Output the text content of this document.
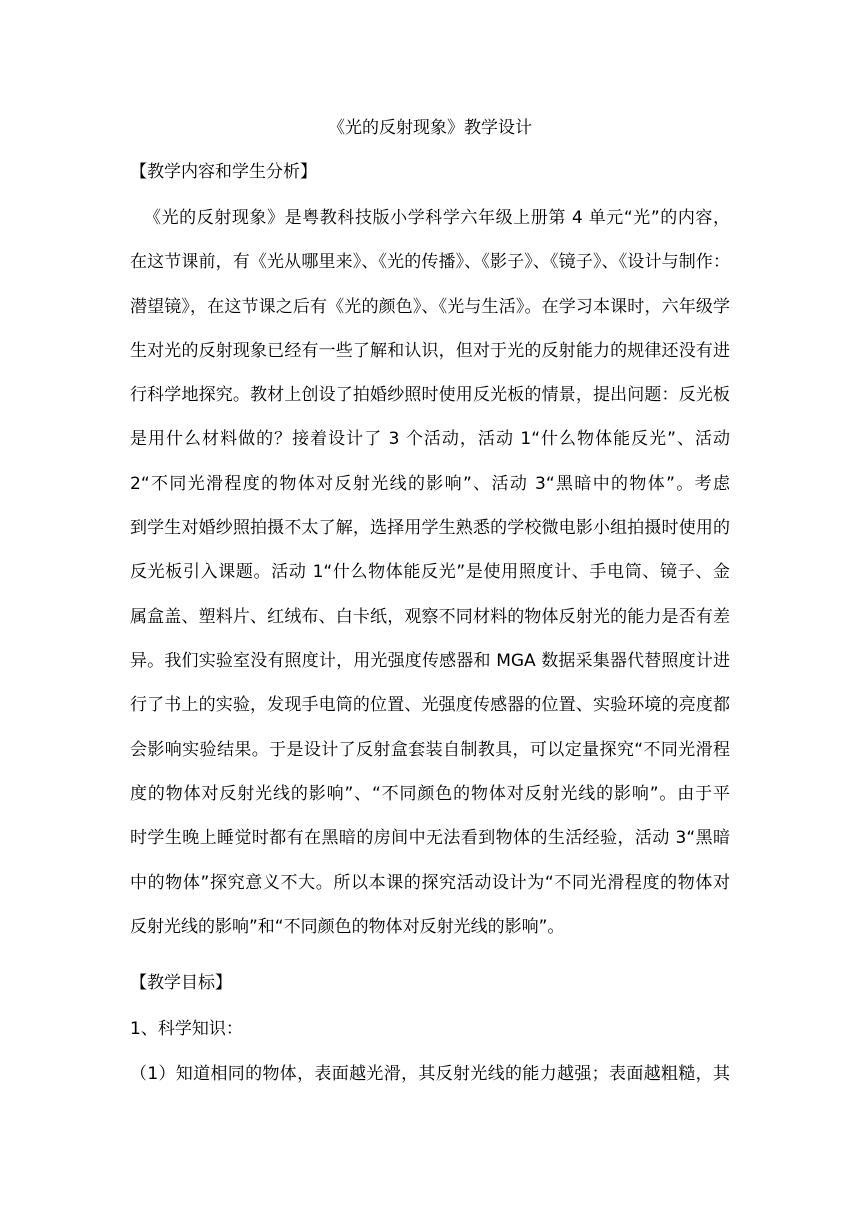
《光的反射现象》教学设计
【教学内容和学生分析】
《光的反射现象》是粤教科技版小学科学六年级上册第 4 单元“光”的内容，
在这节课前，有《光从哪里来》、《光的传播》、《影子》、《镜子》、《设计与制作：
潜望镜》，在这节课之后有《光的颜色》、《光与生活》。在学习本课时，六年级学
生对光的反射现象已经有一些了解和认识，但对于光的反射能力的规律还没有进
行科学地探究。教材上创设了拍婚纱照时使用反光板的情景，提出问题：反光板
是用什么材料做的？接着设计了 3 个活动，活动 1“什么物体能反光”、活动
2“不同光滑程度的物体对反射光线的影响”、活动 3“黑暗中的物体”。考虑
到学生对婚纱照拍摄不太了解，选择用学生熟悉的学校微电影小组拍摄时使用的
反光板引入课题。活动 1“什么物体能反光”是使用照度计、手电筒、镜子、金
属盒盖、塑料片、红绒布、白卡纸，观察不同材料的物体反射光的能力是否有差
异。我们实验室没有照度计，用光强度传感器和 MGA 数据采集器代替照度计进
行了书上的实验，发现手电筒的位置、光强度传感器的位置、实验环境的亮度都
会影响实验结果。于是设计了反射盒套装自制教具，可以定量探究“不同光滑程
度的物体对反射光线的影响”、“不同颜色的物体对反射光线的影响”。由于平
时学生晚上睡觉时都有在黑暗的房间中无法看到物体的生活经验，活动 3“黑暗
中的物体”探究意义不大。所以本课的探究活动设计为“不同光滑程度的物体对
反射光线的影响”和“不同颜色的物体对反射光线的影响”。
【教学目标】
1、科学知识：
（1）知道相同的物体，表面越光滑，其反射光线的能力越强；表面越粗糙，其
